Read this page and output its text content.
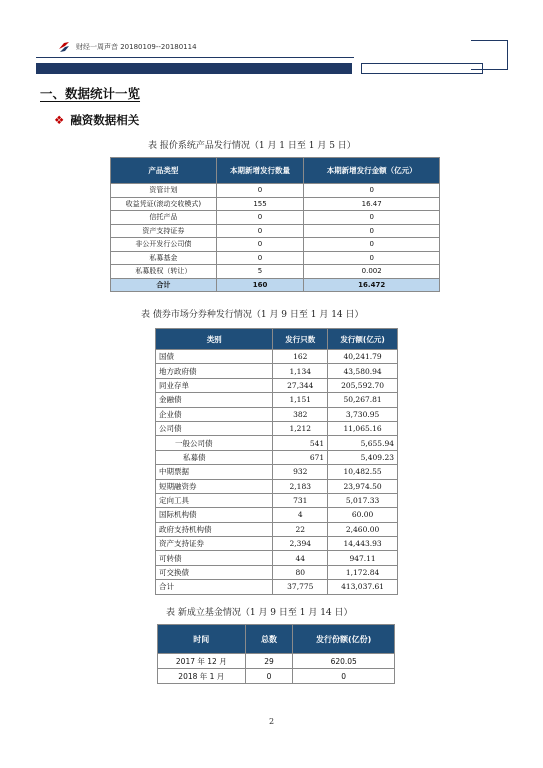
财经一周声音 20180109--20180114
一、数据统计一览
❖ 融资数据相关
表 报价系统产品发行情况（1 月 1 日至 1 月 5 日）
产品类型	本期新增发行数量	本期新增发行金额（亿元）
资管计划	0	0
收益凭证(滚动交收模式)	155	16.47
信托产品	0	0
资产支持证券	0	0
非公开发行公司债	0	0
私募基金	0	0
私募股权（转让）	5	0.002
合计	160	16.472
表 债券市场分券种发行情况（1 月 9 日至 1 月 14 日）
类别	发行只数	发行额(亿元)
国债	162	40,241.79
地方政府债	1,134	43,580.94
同业存单	27,344	205,592.70
金融债	1,151	50,267.81
企业债	382	3,730.95
公司债	1,212	11,065.16
一般公司债	541	5,655.94
私募债	671	5,409.23
中期票据	932	10,482.55
短期融资券	2,183	23,974.50
定向工具	731	5,017.33
国际机构债	4	60.00
政府支持机构债	22	2,460.00
资产支持证券	2,394	14,443.93
可转债	44	947.11
可交换债	80	1,172.84
合计	37,775	413,037.61
表 新成立基金情况（1 月 9 日至 1 月 14 日）
时间	总数	发行份额(亿份)
2017 年 12 月	29	620.05
2018 年 1 月	0	0
2
